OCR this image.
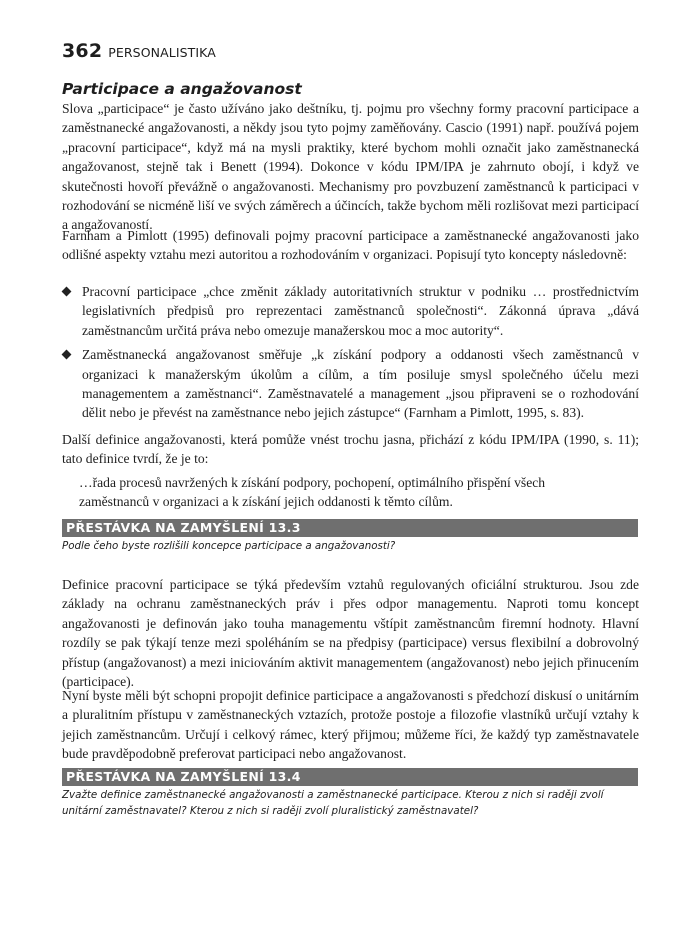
362 PERSONALISTIKA
Participace a angažovanost

Slova „participace“ je často užíváno jako deštníku, tj. pojmu pro všechny formy pracovní participace a zaměstnanecké angažovanosti, a někdy jsou tyto pojmy zaměňovány. Cascio (1991) např. používá pojem „pracovní participace“, když má na mysli praktiky, které bychom mohli označit jako zaměstnanecká angažovanost, stejně tak i Benett (1994). Dokonce v kódu IPM/IPA je zahrnuto obojí, i když ve skutečnosti hovoří převážně o angažovanosti. Mechanismy pro povzbuzení zaměstnanců k participaci v rozhodování se nicméně liší ve svých záměrech a účincích, takže bychom měli rozlišovat mezi participací a angažovaností.

Farnham a Pimlott (1995) definovali pojmy pracovní participace a zaměstnanecké angažovanosti jako odlišné aspekty vztahu mezi autoritou a rozhodováním v organizaci. Popisují tyto koncepty následovně:

Pracovní participace „chce změnit základy autoritativních struktur v podniku … prostřednictvím legislativních předpisů pro reprezentaci zaměstnanců společnosti“. Zákonná úprava „dává zaměstnancům určitá práva nebo omezuje manažerskou moc a moc autority“.
Zaměstnanecká angažovanost směřuje „k získání podpory a oddanosti všech zaměstnanců v organizaci k manažerským úkolům a cílům, a tím posiluje smysl společného účelu mezi managementem a zaměstnanci“. Zaměstnavatelé a management „jsou připraveni se o rozhodování dělit nebo je převést na zaměstnance nebo jejich zástupce“ (Farnham a Pimlott, 1995, s. 83).

Další definice angažovanosti, která pomůže vnést trochu jasna, přichází z kódu IPM/IPA (1990, s. 11); tato definice tvrdí, že je to:

…řada procesů navržených k získání podpory, pochopení, optimálního přispění všech zaměstnanců v organizaci a k získání jejich oddanosti k těmto cílům.

PŘESTÁVKA NA ZAMYŠLENÍ 13.3

Podle čeho byste rozlišili koncepce participace a angažovanosti?

Definice pracovní participace se týká především vztahů regulovaných oficiální strukturou. Jsou zde základy na ochranu zaměstnaneckých práv i přes odpor managementu. Naproti tomu koncept angažovanosti je definován jako touha managementu vštípit zaměstnancům firemní hodnoty. Hlavní rozdíly se pak týkají tenze mezi spoléháním se na předpisy (participace) versus flexibilní a dobrovolný přístup (angažovanost) a mezi iniciováním aktivit managementem (angažovanost) nebo jejich přinucením (participace).

Nyní byste měli být schopni propojit definice participace a angažovanosti s předchozí diskusí o unitárním a pluralitním přístupu v zaměstnaneckých vztazích, protože postoje a filozofie vlastníků určují vztahy k jejich zaměstnancům. Určují i celkový rámec, který přijmou; můžeme říci, že každý typ zaměstnavatele bude pravděpodobně preferovat participaci nebo angažovanost.

PŘESTÁVKA NA ZAMYŠLENÍ 13.4

Zvažte definice zaměstnanecké angažovanosti a zaměstnanecké participace. Kterou z nich si raději zvolí unitární zaměstnavatel? Kterou z nich si raději zvolí pluralistický zaměstnavatel?
